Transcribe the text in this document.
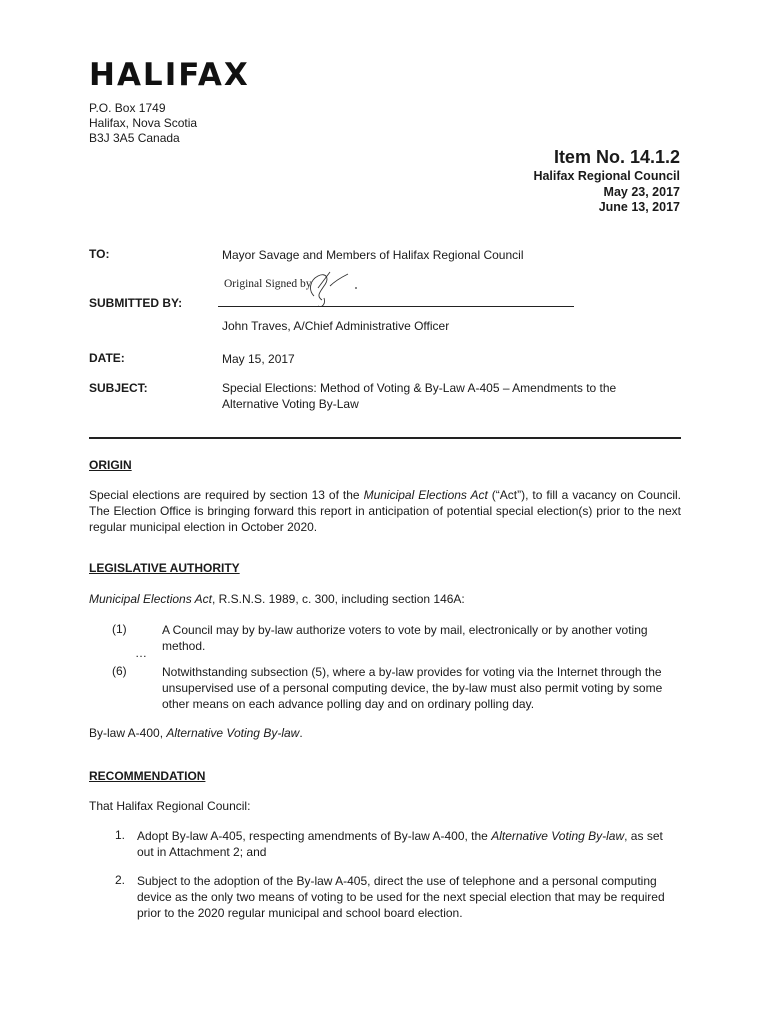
HALIFAX
P.O. Box 1749
Halifax, Nova Scotia
B3J 3A5 Canada
Item No. 14.1.2
Halifax Regional Council
May 23, 2017
June 13, 2017
TO:	Mayor Savage and Members of Halifax Regional Council
Original Signed by
SUBMITTED BY:
John Traves, A/Chief Administrative Officer
DATE:	May 15, 2017
SUBJECT:	Special Elections: Method of Voting & By-Law A-405 – Amendments to the
Alternative Voting By-Law
ORIGIN
Special elections are required by section 13 of the Municipal Elections Act (“Act”), to fill a vacancy on Council. The Election Office is bringing forward this report in anticipation of potential special election(s) prior to the next regular municipal election in October 2020.
LEGISLATIVE AUTHORITY
Municipal Elections Act, R.S.N.S. 1989, c. 300, including section 146A:
(1)	A Council may by by-law authorize voters to vote by mail, electronically or by another voting method.
…
(6)	Notwithstanding subsection (5), where a by-law provides for voting via the Internet through the unsupervised use of a personal computing device, the by-law must also permit voting by some other means on each advance polling day and on ordinary polling day.
By-law A-400, Alternative Voting By-law.
RECOMMENDATION
That Halifax Regional Council:
1. Adopt By-law A-405, respecting amendments of By-law A-400, the Alternative Voting By-law, as set out in Attachment 2; and
2. Subject to the adoption of the By-law A-405, direct the use of telephone and a personal computing device as the only two means of voting to be used for the next special election that may be required prior to the 2020 regular municipal and school board election.
